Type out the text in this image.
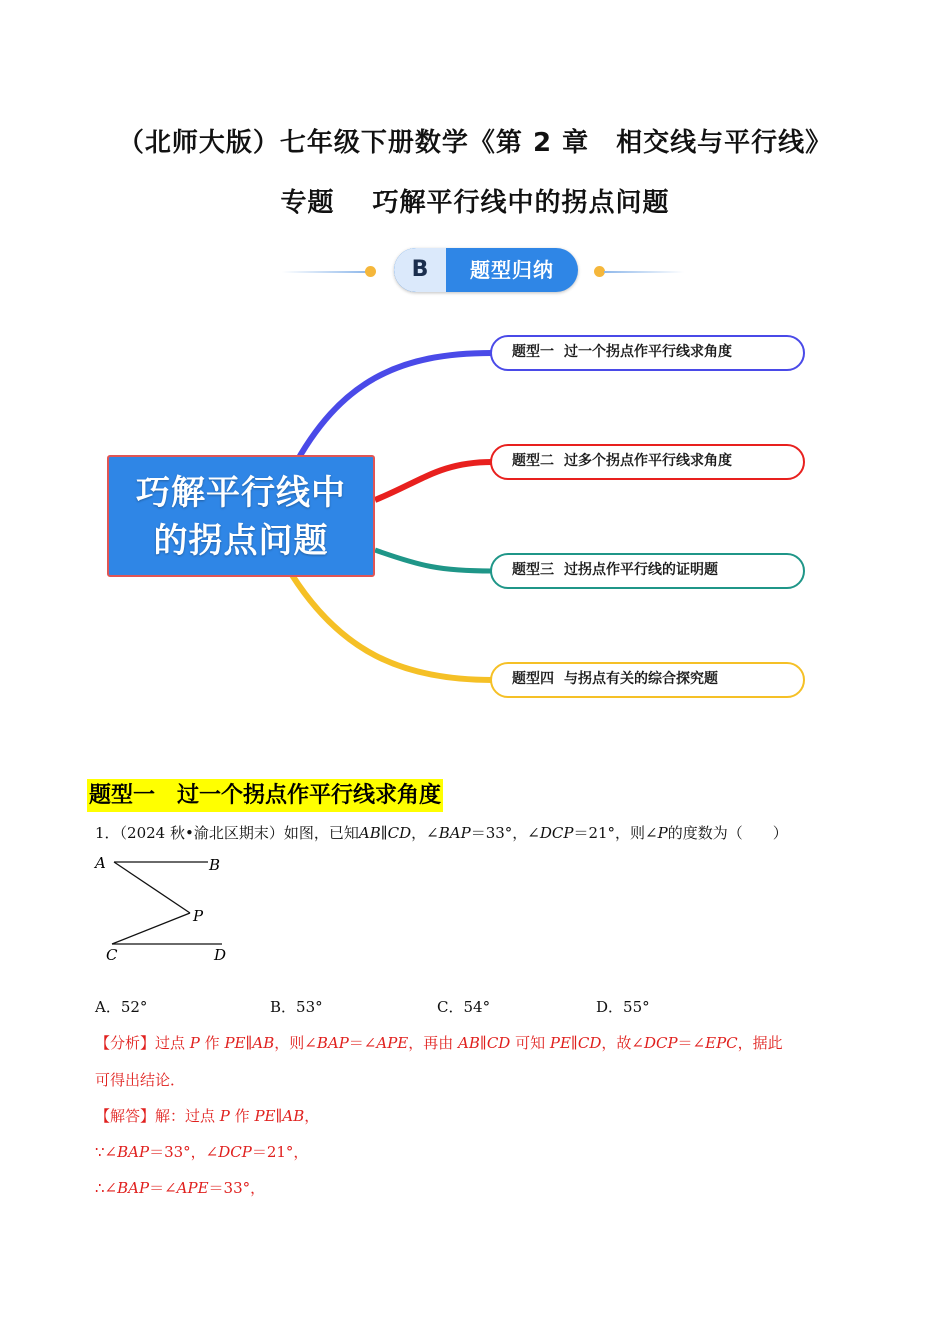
（北师大版）七年级下册数学《第 2 章　相交线与平行线》
专题 巧解平行线中的拐点问题
B	题型归纳
巧解平行线中
的拐点问题
题型一 过一个拐点作平行线求角度
题型二 过多个拐点作平行线求角度
题型三 过拐点作平行线的证明题
题型四 与拐点有关的综合探究题
题型一 过一个拐点作平行线求角度
1．（2024 秋•渝北区期末）如图，已知AB∥CD，∠BAP＝33°，∠DCP＝21°，则∠P的度数为（　　）
A	B
P
C	D
A．52°	B．53°	C．54°	D．55°
【分析】过点 P 作 PE∥AB，则∠BAP＝∠APE，再由 AB∥CD 可知 PE∥CD，故∠DCP＝∠EPC，据此
可得出结论．
【解答】解：过点 P 作 PE∥AB，
∵∠BAP＝33°，∠DCP＝21°，
∴∠BAP＝∠APE＝33°，
